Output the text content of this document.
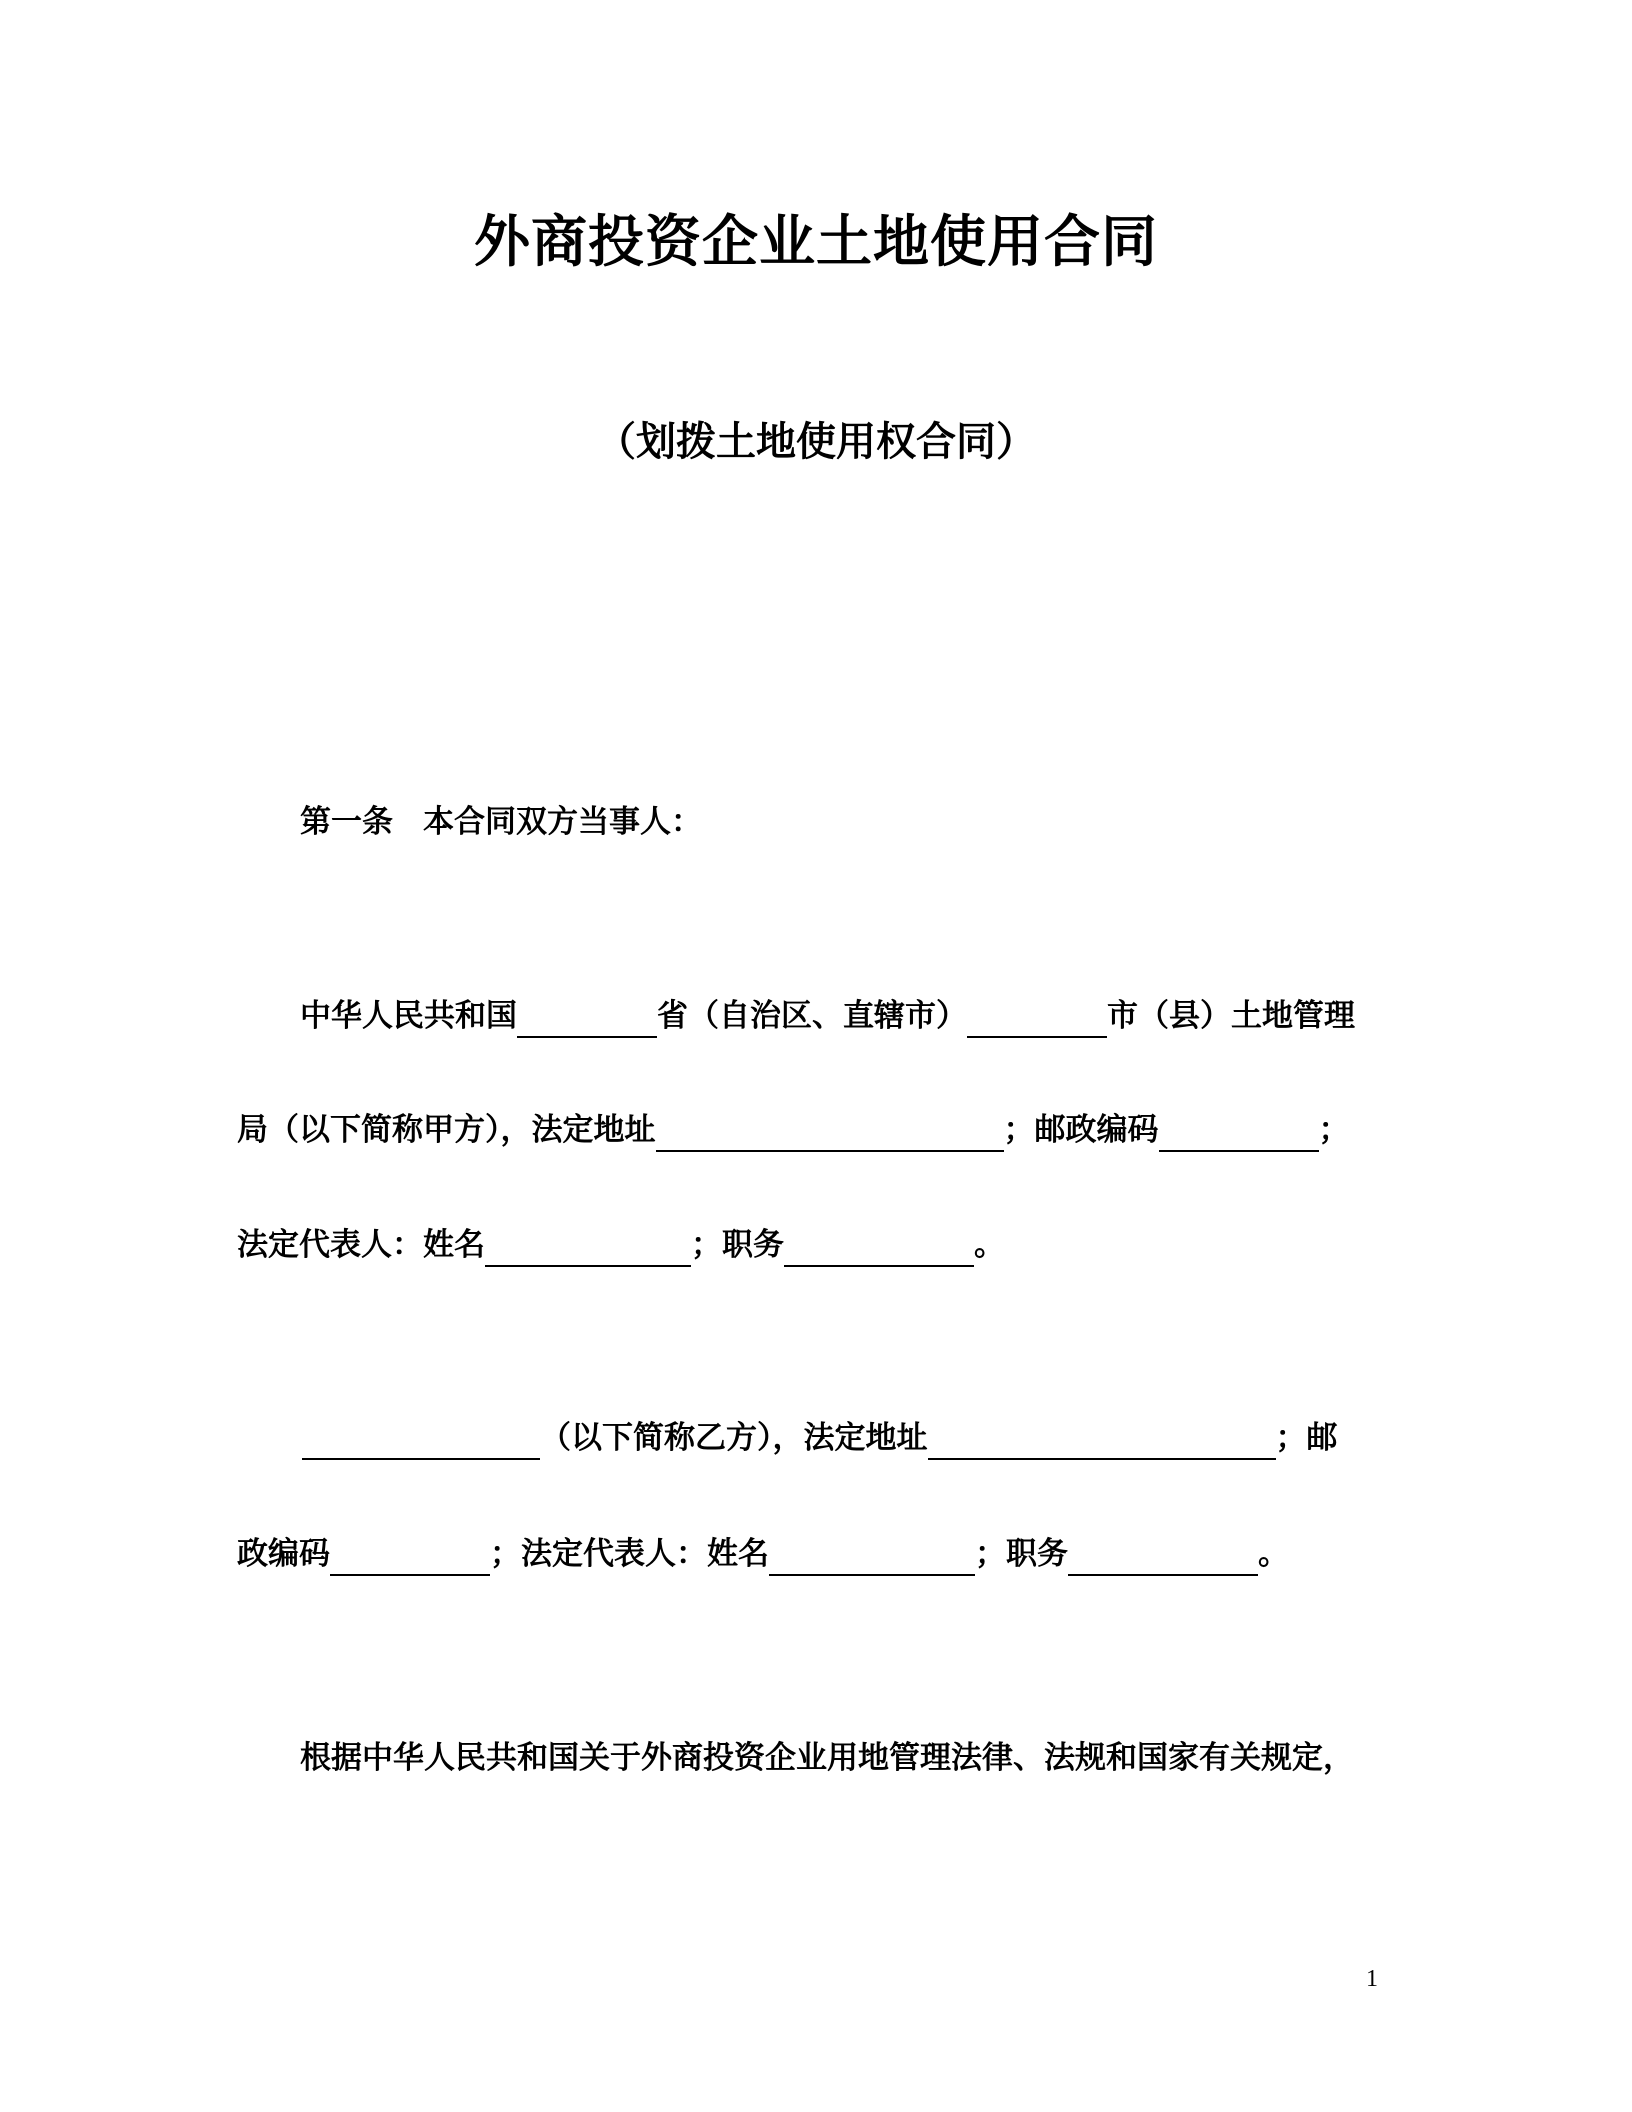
外商投资企业土地使用合同
（划拨土地使用权合同）
第一条 本合同双方当事人：
中华人民共和国	省（自治区、直辖市）	市（县）土地管理
局（以下简称甲方），法定地址	；邮政编码	；
法定代表人：姓名	；职务	。
（以下简称乙方），法定地址	；邮
政编码	；法定代表人：姓名	；职务	。
根据中华人民共和国关于外商投资企业用地管理法律、法规和国家有关规定，
1
